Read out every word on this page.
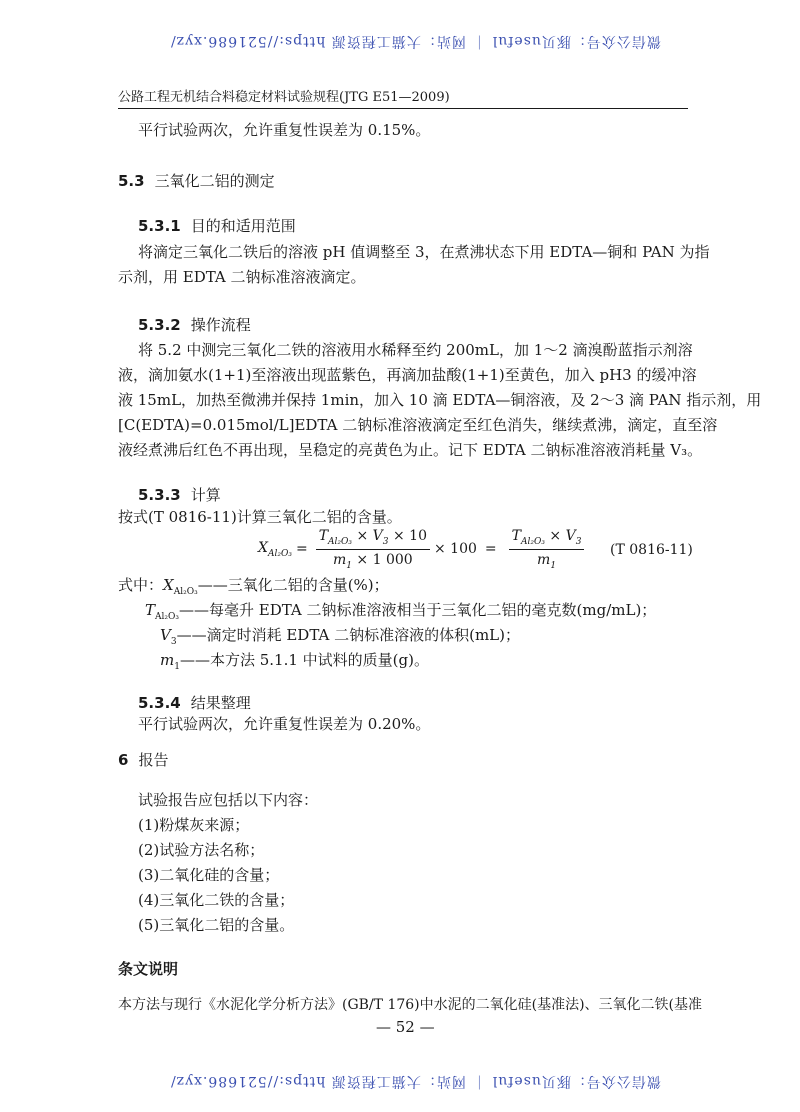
微信公众号：豚贝useful ｜ 网站：大猫工程资源 https://521686.xyz/
微信公众号：豚贝useful ｜ 网站：大猫工程资源 https://521686.xyz/
公路工程无机结合料稳定材料试验规程(JTG E51—2009)
平行试验两次，允许重复性误差为 0.15%。
5.3 三氧化二铝的测定
5.3.1 目的和适用范围
将滴定三氧化二铁后的溶液 pH 值调整至 3，在煮沸状态下用 EDTA—铜和 PAN 为指
示剂，用 EDTA 二钠标准溶液滴定。
5.3.2 操作流程
将 5.2 中测完三氧化二铁的溶液用水稀释至约 200mL，加 1～2 滴溴酚蓝指示剂溶
液，滴加氨水(1+1)至溶液出现蓝紫色，再滴加盐酸(1+1)至黄色，加入 pH3 的缓冲溶
液 15mL，加热至微沸并保持 1min，加入 10 滴 EDTA—铜溶液，及 2～3 滴 PAN 指示剂，用
[C(EDTA)=0.015mol/L]EDTA 二钠标准溶液滴定至红色消失，继续煮沸，滴定，直至溶
液经煮沸后红色不再出现，呈稳定的亮黄色为止。记下 EDTA 二钠标准溶液消耗量 V₃。
5.3.3 计算
按式(T 0816-11)计算三氧化二铝的含量。
$X_{Al_2O_3} = \frac{T_{Al_2O_3} \times V_3 \times 10}{m_1 \times 1 000} \times 100 = \frac{T_{Al_2O_3} \times V_3}{m_1} (T$ 0816-11)
式中：$X_{Al_2O_3}——$三氧化二铝的含量(%)；
$T_{Al_2O_3}——$每毫升 EDTA 二钠标准溶液相当于三氧化二铝的毫克数(mg/mL)；
$V_3——$滴定时消耗 EDTA 二钠标准溶液的体积(mL)；
$m_1——$本方法 5.1.1 中试料的质量(g)。
5.3.4 结果整理
平行试验两次，允许重复性误差为 0.20%。
6 报告
试验报告应包括以下内容：
(1)粉煤灰来源；
(2)试验方法名称；
(3)二氧化硅的含量；
(4)三氧化二铁的含量；
(5)三氧化二铝的含量。
条文说明
本方法与现行《水泥化学分析方法》(GB/T 176)中水泥的二氧化硅(基准法)、三氧化二铁(基准
— 52 —
